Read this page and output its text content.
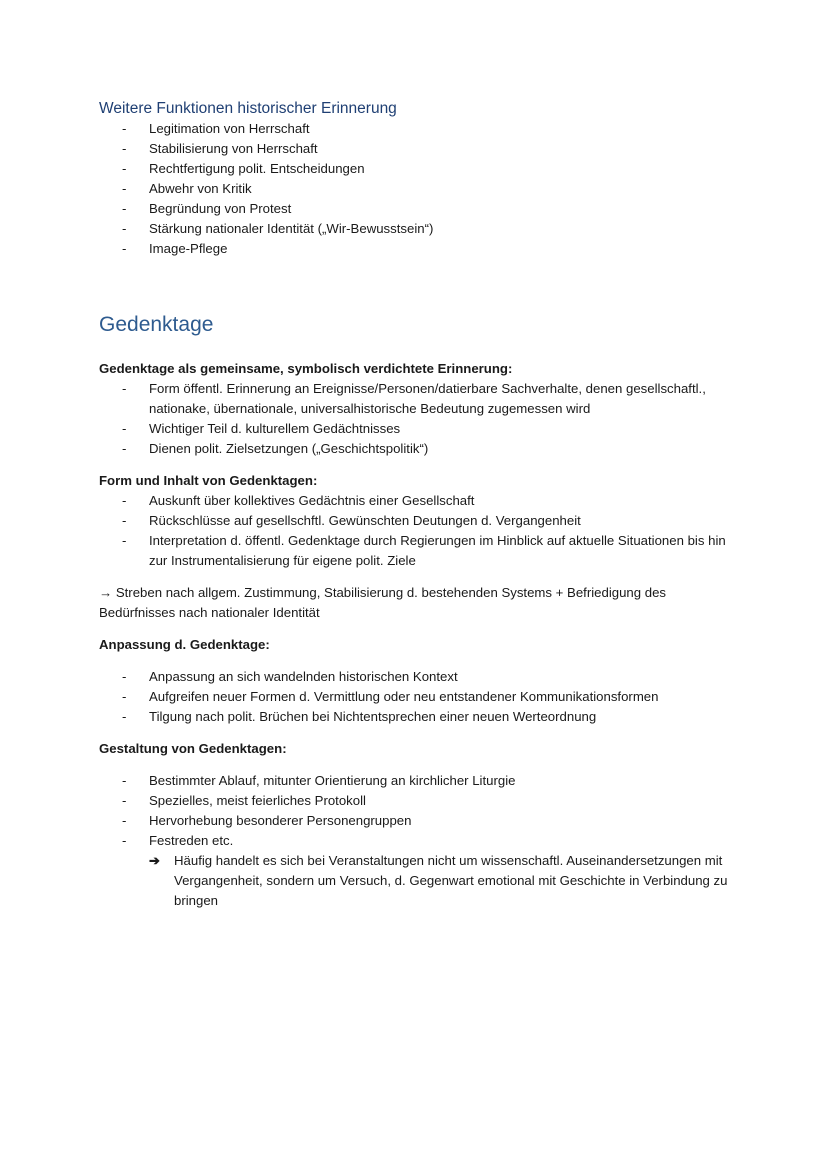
Weitere Funktionen historischer Erinnerung

- Legitimation von Herrschaft
- Stabilisierung von Herrschaft
- Rechtfertigung polit. Entscheidungen
- Abwehr von Kritik
- Begründung von Protest
- Stärkung nationaler Identität („Wir-Bewusstsein“)
- Image-Pflege

Gedenktage

Gedenktage als gemeinsame, symbolisch verdichtete Erinnerung:

- Form öffentl. Erinnerung an Ereignisse/Personen/datierbare Sachverhalte, denen gesellschaftl., nationake, übernationale, universalhistorische Bedeutung zugemessen wird
- Wichtiger Teil d. kulturellem Gedächtnisses
- Dienen polit. Zielsetzungen („Geschichtspolitik“)

Form und Inhalt von Gedenktagen:

- Auskunft über kollektives Gedächtnis einer Gesellschaft
- Rückschlüsse auf gesellschftl. Gewünschten Deutungen d. Vergangenheit
- Interpretation d. öffentl. Gedenktage durch Regierungen im Hinblick auf aktuelle Situationen bis hin zur Instrumentalisierung für eigene polit. Ziele

→ Streben nach allgem. Zustimmung, Stabilisierung d. bestehenden Systems + Befriedigung des Bedürfnisses nach nationaler Identität

Anpassung d. Gedenktage:

- Anpassung an sich wandelnden historischen Kontext
- Aufgreifen neuer Formen d. Vermittlung oder neu entstandener Kommunikationsformen
- Tilgung nach polit. Brüchen bei Nichtentsprechen einer neuen Werteordnung

Gestaltung von Gedenktagen:

- Bestimmter Ablauf, mitunter Orientierung an kirchlicher Liturgie
- Spezielles, meist feierliches Protokoll
- Hervorhebung besonderer Personengruppen
- Festreden etc.
➔ Häufig handelt es sich bei Veranstaltungen nicht um wissenschaftl. Auseinandersetzungen mit Vergangenheit, sondern um Versuch, d. Gegenwart emotional mit Geschichte in Verbindung zu bringen
